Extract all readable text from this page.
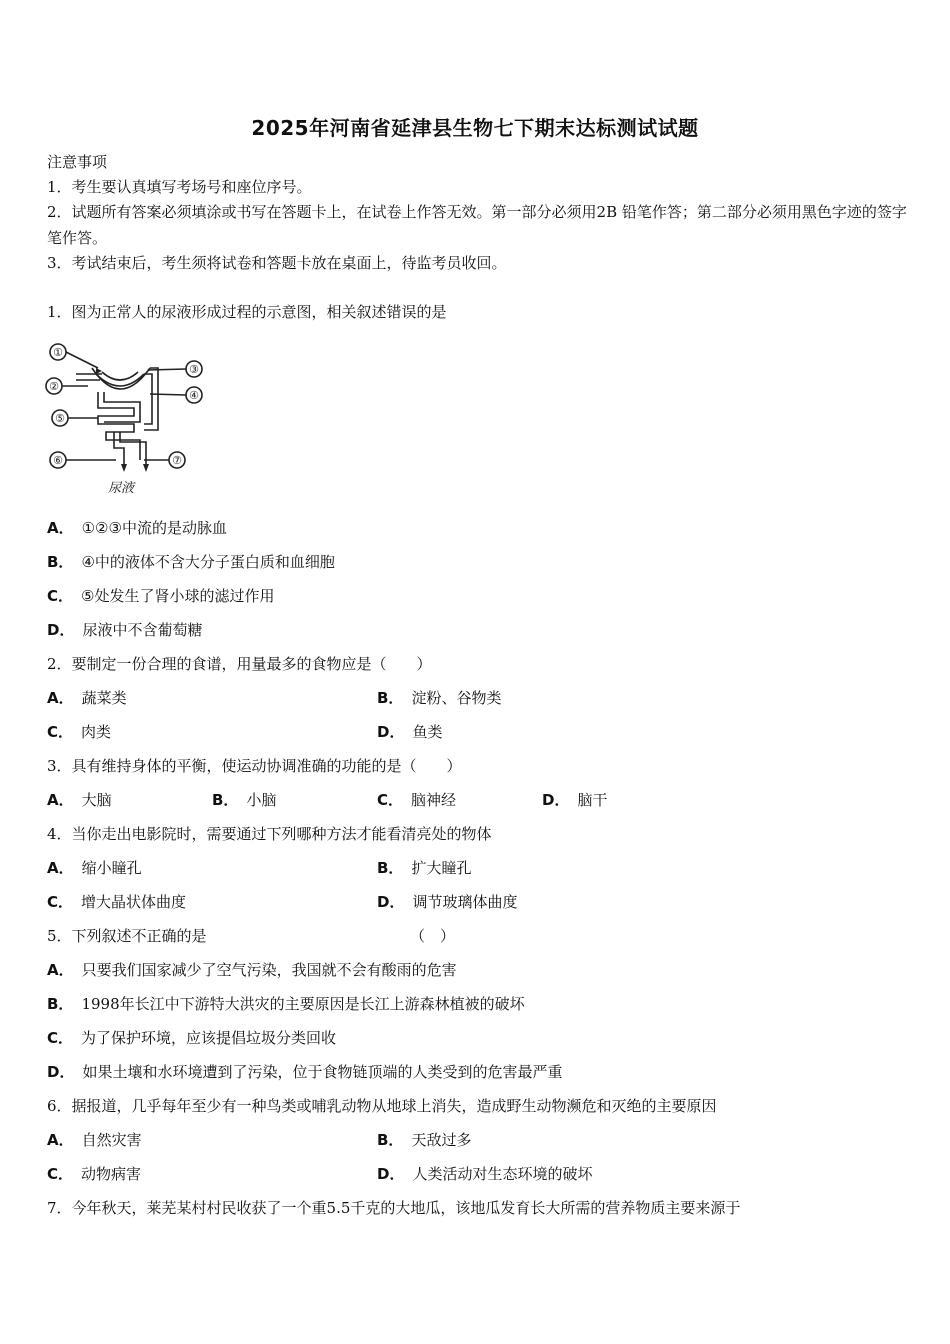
2025年河南省延津县生物七下期末达标测试试题
注意事项
1．考生要认真填写考场号和座位序号。
2．试题所有答案必须填涂或书写在答题卡上，在试卷上作答无效。第一部分必须用2B 铅笔作答；第二部分必须用黑色字迹的签字笔作答。
3．考试结束后，考生须将试卷和答题卡放在桌面上，待监考员收回。
1．图为正常人的尿液形成过程的示意图，相关叙述错误的是
①
②
③
④
⑤
⑥	⑦
尿液
A． ①②③中流的是动脉血
B． ④中的液体不含大分子蛋白质和血细胞
C． ⑤处发生了肾小球的滤过作用
D． 尿液中不含葡萄糖
2．要制定一份合理的食谱，用量最多的食物应是（　　）
A． 蔬菜类	B． 淀粉、谷物类
C． 肉类	D． 鱼类
3．具有维持身体的平衡，使运动协调准确的功能的是（　　）
A． 大脑	B． 小脑	C． 脑神经	D． 脑干
4．当你走出电影院时，需要通过下列哪种方法才能看清亮处的物体
A． 缩小瞳孔	B． 扩大瞳孔
C． 增大晶状体曲度	D． 调节玻璃体曲度
5．下列叙述不正确的是	（　）
A． 只要我们国家减少了空气污染，我国就不会有酸雨的危害
B． 1998年长江中下游特大洪灾的主要原因是长江上游森林植被的破坏
C． 为了保护环境，应该提倡垃圾分类回收
D． 如果土壤和水环境遭到了污染，位于食物链顶端的人类受到的危害最严重
6．据报道，几乎每年至少有一种鸟类或哺乳动物从地球上消失，造成野生动物濒危和灭绝的主要原因
A． 自然灾害	B． 天敌过多
C． 动物病害	D． 人类活动对生态环境的破坏
7．今年秋天，莱芜某村村民收获了一个重5.5千克的大地瓜，该地瓜发育长大所需的营养物质主要来源于
